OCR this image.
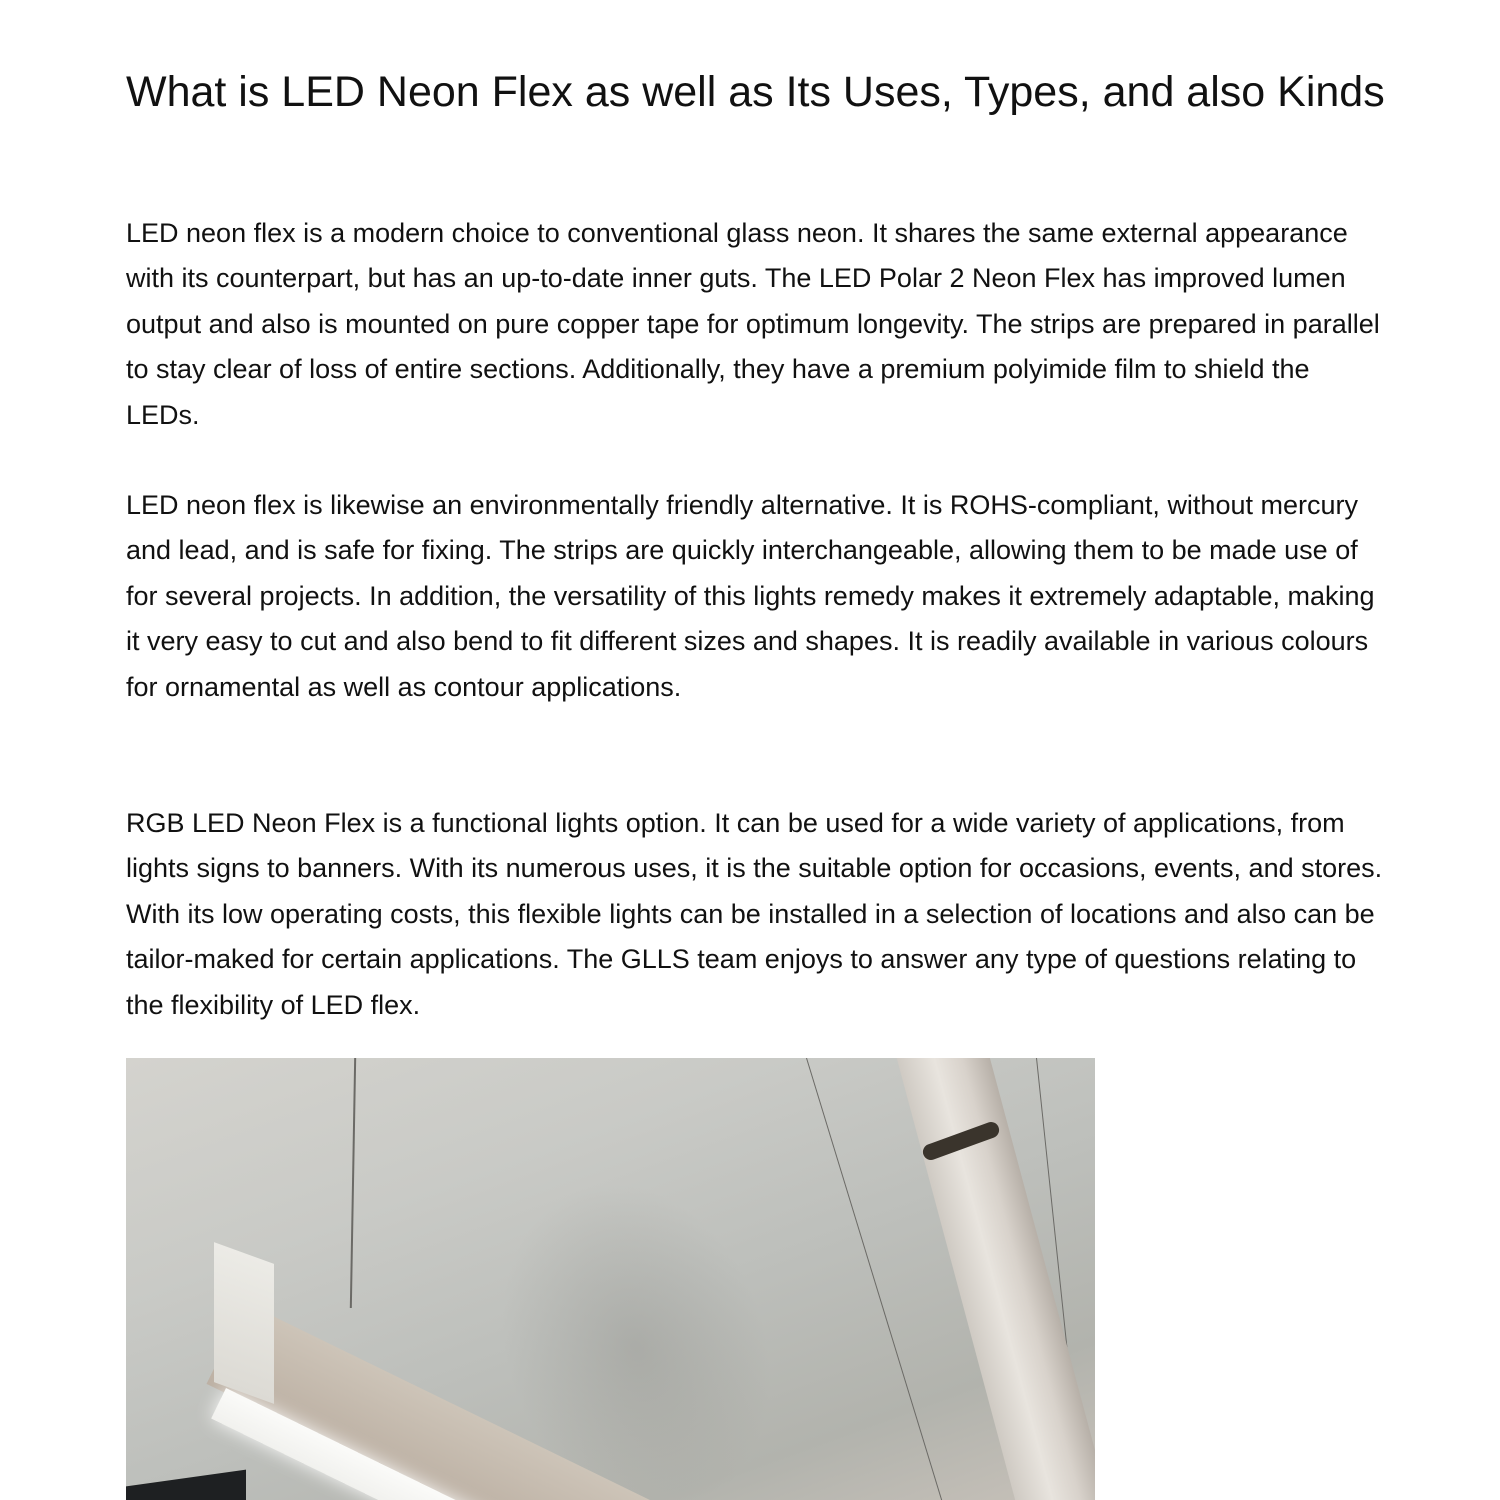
What is LED Neon Flex as well as Its Uses, Types, and also Kinds

LED neon flex is a modern choice to conventional glass neon. It shares the same external appearance with its counterpart, but has an up-to-date inner guts. The LED Polar 2 Neon Flex has improved lumen output and also is mounted on pure copper tape for optimum longevity. The strips are prepared in parallel to stay clear of loss of entire sections. Additionally, they have a premium polyimide film to shield the LEDs.

LED neon flex is likewise an environmentally friendly alternative. It is ROHS-compliant, without mercury and lead, and is safe for fixing. The strips are quickly interchangeable, allowing them to be made use of for several projects. In addition, the versatility of this lights remedy makes it extremely adaptable, making it very easy to cut and also bend to fit different sizes and shapes. It is readily available in various colours for ornamental as well as contour applications.

RGB LED Neon Flex is a functional lights option. It can be used for a wide variety of applications, from lights signs to banners. With its numerous uses, it is the suitable option for occasions, events, and stores. With its low operating costs, this flexible lights can be installed in a selection of locations and also can be tailor-maked for certain applications. The GLLS team enjoys to answer any type of questions relating to the flexibility of LED flex.
